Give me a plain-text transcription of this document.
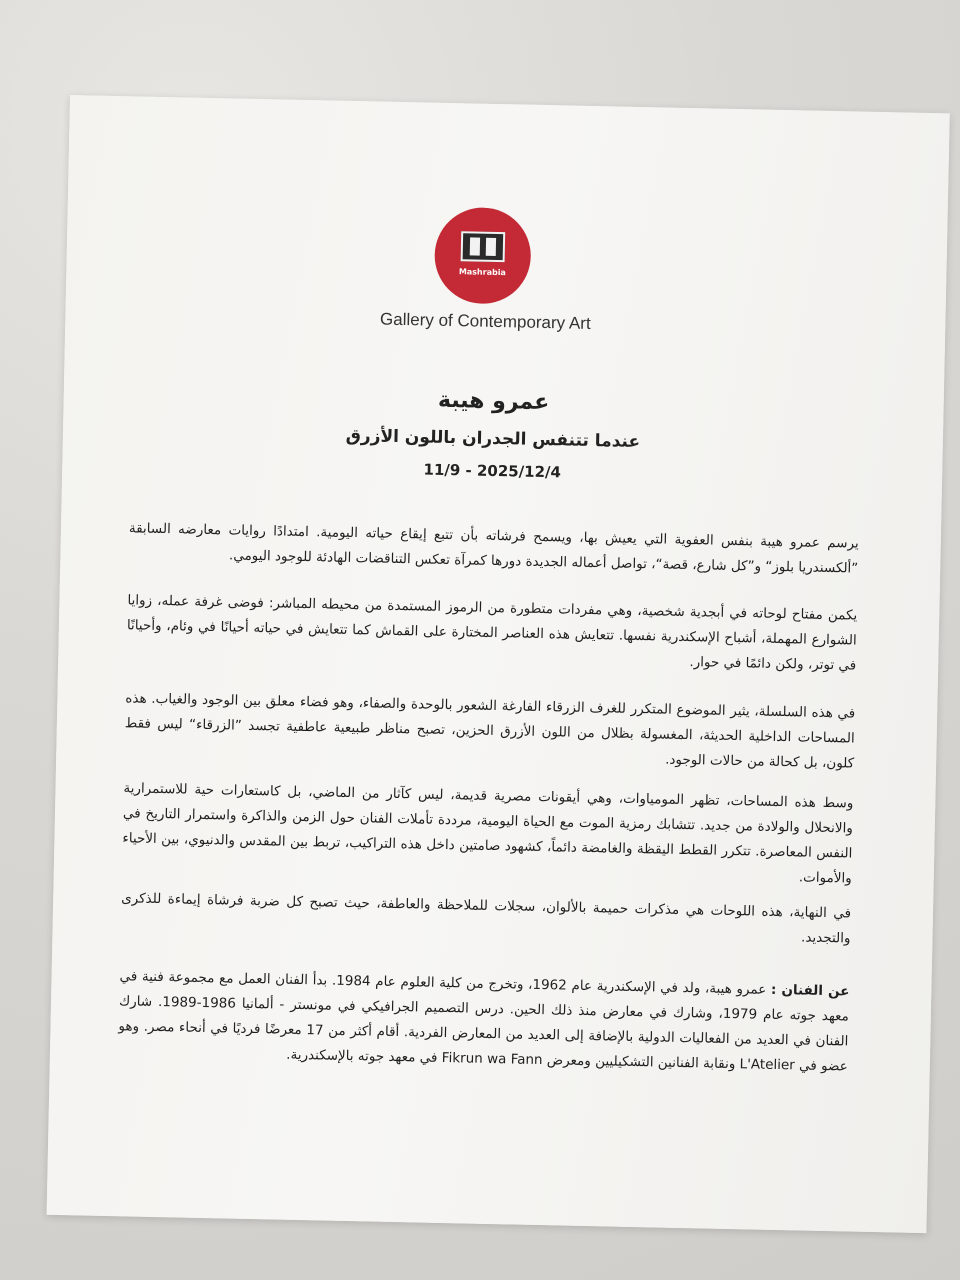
Mashrabia
Gallery of Contemporary Art
عمرو هيبة
عندما تتنفس الجدران باللون الأزرق
11/9 - 2025/12/4
يرسم عمرو هيبة بنفس العفوية التي يعيش بها، ويسمح فرشاته بأن تتبع إيقاع حياته اليومية. امتدادًا روايات معارضه السابقة ”ألكسندريا بلوز“ و”كل شارع، قصة“، تواصل أعماله الجديدة دورها كمرآة تعكس التناقضات الهادئة للوجود اليومي.
يكمن مفتاح لوحاته في أبجدية شخصية، وهي مفردات متطورة من الرموز المستمدة من محيطه المباشر: فوضى غرفة عمله، زوايا الشوارع المهملة، أشباح الإسكندرية نفسها. تتعايش هذه العناصر المختارة على القماش كما تتعايش في حياته أحيانًا في وئام، وأحيانًا في توتر، ولكن دائمًا في حوار.
في هذه السلسلة، يثير الموضوع المتكرر للغرف الزرقاء الفارغة الشعور بالوحدة والصفاء، وهو فضاء معلق بين الوجود والغياب. هذه المساحات الداخلية الحديثة، المغسولة بظلال من اللون الأزرق الحزين، تصبح مناظر طبيعية عاطفية تجسد ”الزرقاء“ ليس فقط كلون، بل كحالة من حالات الوجود.
وسط هذه المساحات، تظهر المومياوات، وهي أيقونات مصرية قديمة، ليس كآثار من الماضي، بل كاستعارات حية للاستمرارية والانحلال والولادة من جديد. تتشابك رمزية الموت مع الحياة اليومية، مرددة تأملات الفنان حول الزمن والذاكرة واستمرار التاريخ في النفس المعاصرة. تتكرر القطط اليقظة والغامضة دائماً، كشهود صامتين داخل هذه التراكيب، تربط بين المقدس والدنيوي، بين الأحياء والأموات.
في النهاية، هذه اللوحات هي مذكرات حميمة بالألوان، سجلات للملاحظة والعاطفة، حيث تصبح كل ضربة فرشاة إيماءة للذكرى والتجديد.
عن الفنان : عمرو هيبة، ولد في الإسكندرية عام 1962، وتخرج من كلية العلوم عام 1984. بدأ الفنان العمل مع مجموعة فنية في معهد جوته عام 1979، وشارك في معارض منذ ذلك الحين. درس التصميم الجرافيكي في مونستر - ألمانيا 1986-1989. شارك الفنان في العديد من الفعاليات الدولية بالإضافة إلى العديد من المعارض الفردية. أقام أكثر من 17 معرضًا فرديًا في أنحاء مصر. وهو عضو في L'Atelier ونقابة الفنانين التشكيليين ومعرض Fikrun wa Fann في معهد جوته بالإسكندرية.
